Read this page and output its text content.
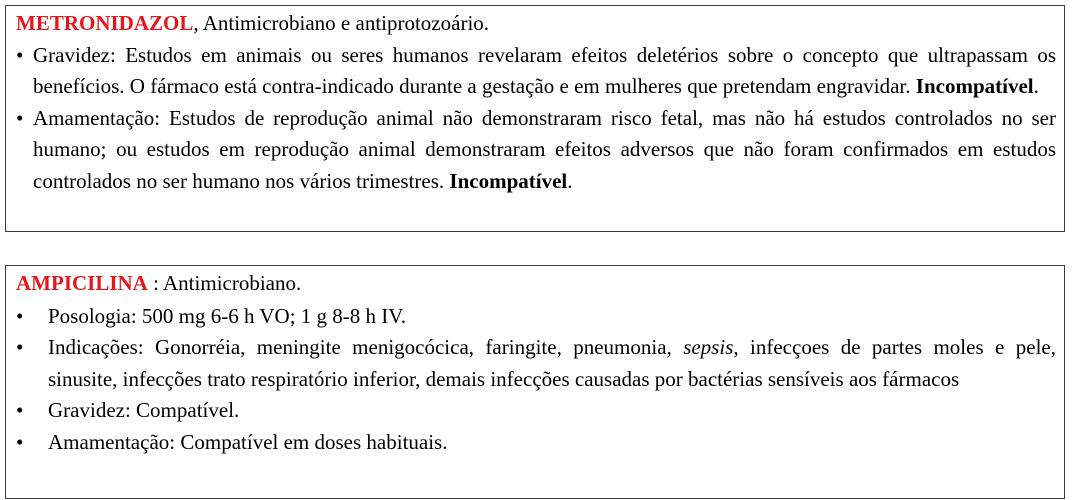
METRONIDAZOL, Antimicrobiano e antiprotozoário.

• Gravidez: Estudos em animais ou seres humanos revelaram efeitos deletérios sobre o concepto que ultrapassam os benefícios. O fármaco está contra-indicado durante a gestação e em mulheres que pretendam engravidar. Incompatível.
• Amamentação: Estudos de reprodução animal não demonstraram risco fetal, mas não há estudos controlados no ser humano; ou estudos em reprodução animal demonstraram efeitos adversos que não foram confirmados em estudos controlados no ser humano nos vários trimestres. Incompatível.

AMPICILINA : Antimicrobiano.

• Posologia: 500 mg 6-6 h VO; 1 g 8-8 h IV.
• Indicações: Gonorréia, meningite menigocócica, faringite, pneumonia, sepsis, infecçoes de partes moles e pele, sinusite, infecções trato respiratório inferior, demais infecções causadas por bactérias sensíveis aos fármacos
• Gravidez: Compatível.
• Amamentação: Compatível em doses habituais.
